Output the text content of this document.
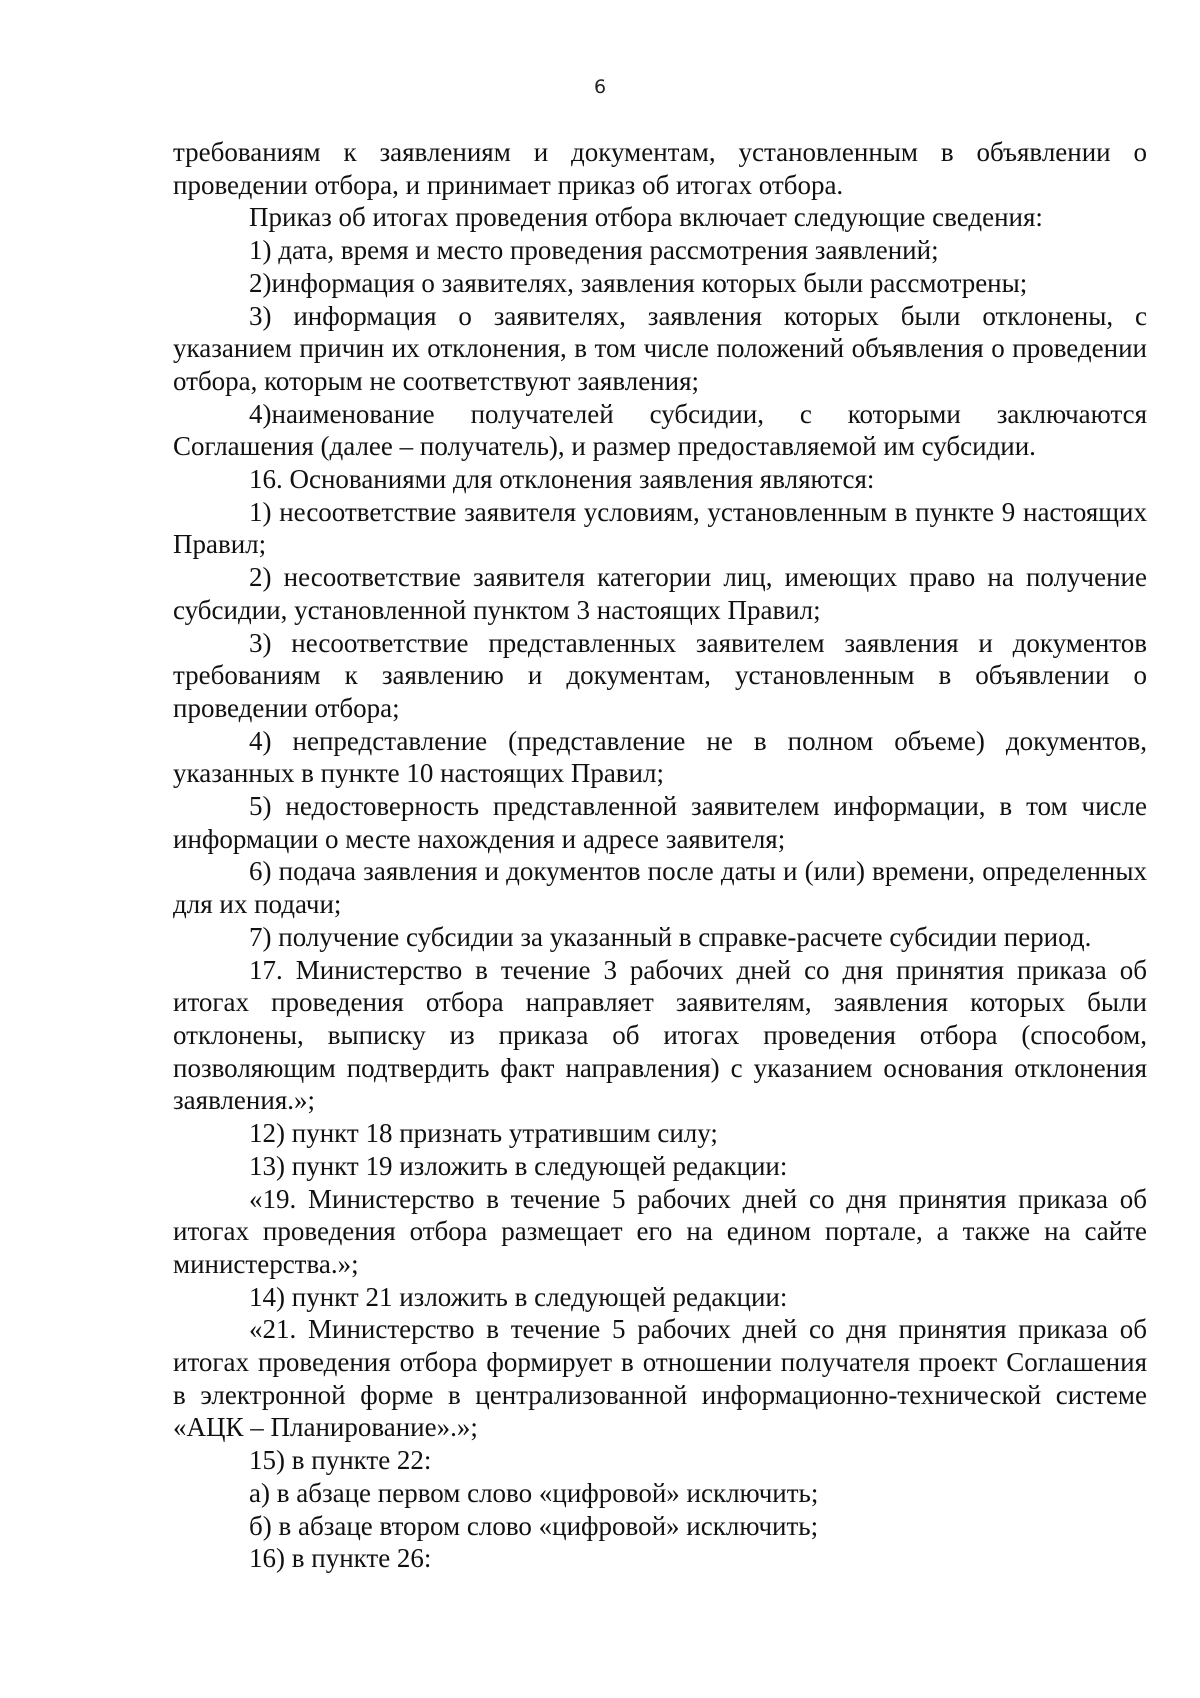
6

требованиям к заявлениям и документам, установленным в объявлении о проведении отбора, и принимает приказ об итогах отбора.

Приказ об итогах проведения отбора включает следующие сведения:

1) дата, время и место проведения рассмотрения заявлений;

2)информация о заявителях, заявления которых были рассмотрены;

3) информация о заявителях, заявления которых были отклонены, с указанием причин их отклонения, в том числе положений объявления о проведении отбора, которым не соответствуют заявления;

4)наименование получателей субсидии, с которыми заключаются Соглашения (далее – получатель), и размер предоставляемой им субсидии.

16. Основаниями для отклонения заявления являются:

1) несоответствие заявителя условиям, установленным в пункте 9 настоящих Правил;

2) несоответствие заявителя категории лиц, имеющих право на получение субсидии, установленной пунктом 3 настоящих Правил;

3) несоответствие представленных заявителем заявления и документов требованиям к заявлению и документам, установленным в объявлении о проведении отбора;

4) непредставление (представление не в полном объеме) документов, указанных в пункте 10 настоящих Правил;

5) недостоверность представленной заявителем информации, в том числе информации о месте нахождения и адресе заявителя;

6) подача заявления и документов после даты и (или) времени, определенных для их подачи;

7) получение субсидии за указанный в справке-расчете субсидии период.

17. Министерство в течение 3 рабочих дней со дня принятия приказа об итогах проведения отбора направляет заявителям, заявления которых были отклонены, выписку из приказа об итогах проведения отбора (способом, позволяющим подтвердить факт направления) с указанием основания отклонения заявления.»;

12) пункт 18 признать утратившим силу;

13) пункт 19 изложить в следующей редакции:

«19. Министерство в течение 5 рабочих дней со дня принятия приказа об итогах проведения отбора размещает его на едином портале, а также на сайте министерства.»;

14) пункт 21 изложить в следующей редакции:

«21. Министерство в течение 5 рабочих дней со дня принятия приказа об итогах проведения отбора формирует в отношении получателя проект Соглашения в электронной форме в централизованной информационно-технической системе «АЦК – Планирование».»;

15) в пункте 22:

а) в абзаце первом слово «цифровой» исключить;

б) в абзаце втором слово «цифровой» исключить;

16) в пункте 26:
